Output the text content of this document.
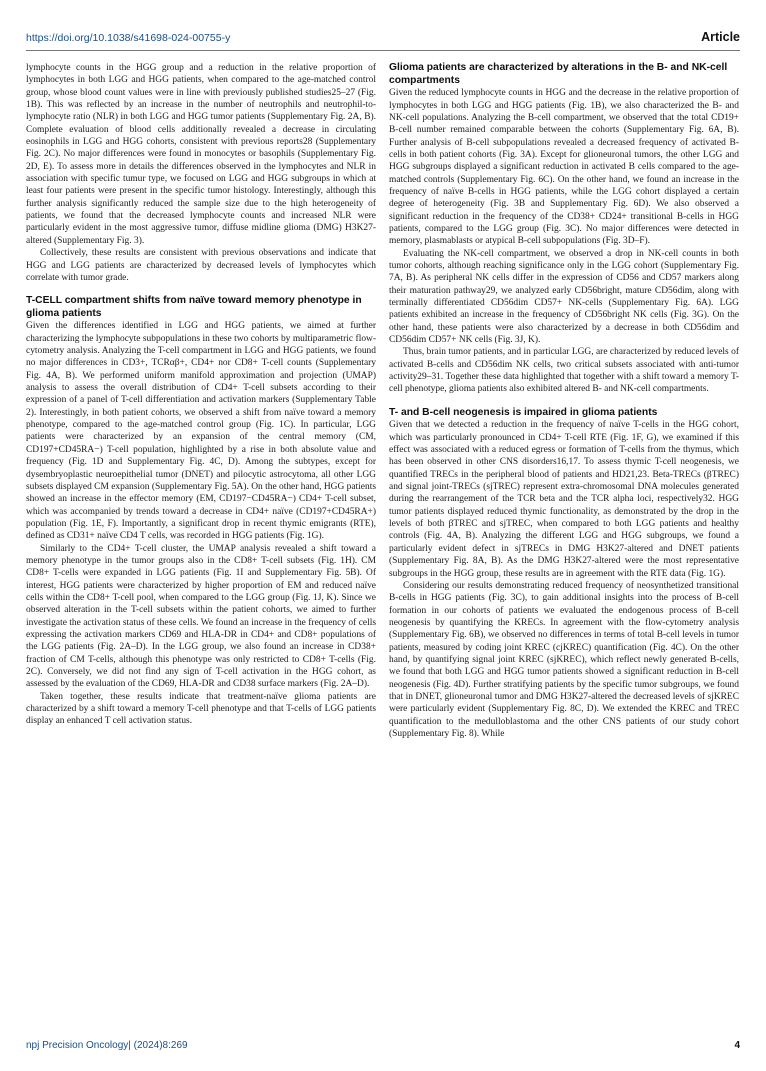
https://doi.org/10.1038/s41698-024-00755-y	Article

lymphocyte counts in the HGG group and a reduction in the relative proportion of lymphocytes in both LGG and HGG patients, when compared to the age-matched control group, whose blood count values were in line with previously published studies25–27 (Fig. 1B). This was reflected by an increase in the number of neutrophils and neutrophil-to-lymphocyte ratio (NLR) in both LGG and HGG tumor patients (Supplementary Fig. 2A, B). Complete evaluation of blood cells additionally revealed a decrease in circulating eosinophils in LGG and HGG cohorts, consistent with previous reports28 (Supplementary Fig. 2C). No major differences were found in monocytes or basophils (Supplementary Fig. 2D, E). To assess more in details the differences observed in the lymphocytes and NLR in association with specific tumur type, we focused on LGG and HGG subgroups in which at least four patients were present in the specific tumor histology. Interestingly, although this further analysis significantly reduced the sample size due to the high heterogeneity of patients, we found that the decreased lymphocyte counts and increased NLR were particularly evident in the most aggressive tumor, diffuse midline glioma (DMG) H3K27-altered (Supplementary Fig. 3).

Collectively, these results are consistent with previous observations and indicate that HGG and LGG patients are characterized by decreased levels of lymphocytes which correlate with tumor grade.

T-CELL compartment shifts from naïve toward memory phenotype in glioma patients

Given the differences identified in LGG and HGG patients, we aimed at further characterizing the lymphocyte subpopulations in these two cohorts by multiparametric flow-cytometry analysis. Analyzing the T-cell compartment in LGG and HGG patients, we found no major differences in CD3+, TCRαβ+, CD4+ nor CD8+ T-cell counts (Supplementary Fig. 4A, B). We performed uniform manifold approximation and projection (UMAP) analysis to assess the overall distribution of CD4+ T-cell subsets according to their expression of a panel of T-cell differentiation and activation markers (Supplementary Table 2). Interestingly, in both patient cohorts, we observed a shift from naïve toward a memory phenotype, compared to the age-matched control group (Fig. 1C). In particular, LGG patients were characterized by an expansion of the central memory (CM, CD197+CD45RA−) T-cell population, highlighted by a rise in both absolute value and frequency (Fig. 1D and Supplementary Fig. 4C, D). Among the subtypes, except for dysembryoplastic neuroepithelial tumor (DNET) and pilocytic astrocytoma, all other LGG subsets displayed CM expansion (Supplementary Fig. 5A). On the other hand, HGG patients showed an increase in the effector memory (EM, CD197−CD45RA−) CD4+ T-cell subset, which was accompanied by trends toward a decrease in CD4+ naïve (CD197+CD45RA+) population (Fig. 1E, F). Importantly, a significant drop in recent thymic emigrants (RTE), defined as CD31+ naïve CD4 T cells, was recorded in HGG patients (Fig. 1G).

Similarly to the CD4+ T-cell cluster, the UMAP analysis revealed a shift toward a memory phenotype in the tumor groups also in the CD8+ T-cell subsets (Fig. 1H). CM CD8+ T-cells were expanded in LGG patients (Fig. 1I and Supplementary Fig. 5B). Of interest, HGG patients were characterized by higher proportion of EM and reduced naïve cells within the CD8+ T-cell pool, when compared to the LGG group (Fig. 1J, K). Since we observed alteration in the T-cell subsets within the patient cohorts, we aimed to further investigate the activation status of these cells. We found an increase in the frequency of cells expressing the activation markers CD69 and HLA-DR in CD4+ and CD8+ populations of the LGG patients (Fig. 2A–D). In the LGG group, we also found an increase in CD38+ fraction of CM T-cells, although this phenotype was only restricted to CD8+ T-cells (Fig. 2C). Conversely, we did not find any sign of T-cell activation in the HGG cohort, as assessed by the evaluation of the CD69, HLA-DR and CD38 surface markers (Fig. 2A–D).

Taken together, these results indicate that treatment-naïve glioma patients are characterized by a shift toward a memory T-cell phenotype and that T-cells of LGG patients display an enhanced T cell activation status.

Glioma patients are characterized by alterations in the B- and NK-cell compartments

Given the reduced lymphocyte counts in HGG and the decrease in the relative proportion of lymphocytes in both LGG and HGG patients (Fig. 1B), we also characterized the B- and NK-cell populations. Analyzing the B-cell compartment, we observed that the total CD19+ B-cell number remained comparable between the cohorts (Supplementary Fig. 6A, B). Further analysis of B-cell subpopulations revealed a decreased frequency of activated B-cells in both patient cohorts (Fig. 3A). Except for glioneuronal tumors, the other LGG and HGG subgroups displayed a significant reduction in activated B cells compared to the age-matched controls (Supplementary Fig. 6C). On the other hand, we found an increase in the frequency of naïve B-cells in HGG patients, while the LGG cohort displayed a certain degree of heterogeneity (Fig. 3B and Supplementary Fig. 6D). We also observed a significant reduction in the frequency of the CD38+ CD24+ transitional B-cells in HGG patients, compared to the LGG group (Fig. 3C). No major differences were detected in memory, plasmablasts or atypical B-cell subpopulations (Fig. 3D–F).

Evaluating the NK-cell compartment, we observed a drop in NK-cell counts in both tumor cohorts, although reaching significance only in the LGG cohort (Supplementary Fig. 7A, B). As peripheral NK cells differ in the expression of CD56 and CD57 markers along their maturation pathway29, we analyzed early CD56bright, mature CD56dim, along with terminally differentiated CD56dim CD57+ NK-cells (Supplementary Fig. 6A). LGG patients exhibited an increase in the frequency of CD56bright NK cells (Fig. 3G). On the other hand, these patients were also characterized by a decrease in both CD56dim and CD56dim CD57+ NK cells (Fig. 3J, K).

Thus, brain tumor patients, and in particular LGG, are characterized by reduced levels of activated B-cells and CD56dim NK cells, two critical subsets associated with anti-tumor activity29–31. Together these data highlighted that together with a shift toward a memory T-cell phenotype, glioma patients also exhibited altered B- and NK-cell compartments.

T- and B-cell neogenesis is impaired in glioma patients

Given that we detected a reduction in the frequency of naïve T-cells in the HGG cohort, which was particularly pronounced in CD4+ T-cell RTE (Fig. 1F, G), we examined if this effect was associated with a reduced egress or formation of T-cells from the thymus, which has been observed in other CNS disorders16,17. To assess thymic T-cell neogenesis, we quantified TRECs in the peripheral blood of patients and HD21,23. Beta-TRECs (βTREC) and signal joint-TRECs (sjTREC) represent extra-chromosomal DNA molecules generated during the rearrangement of the TCR beta and the TCR alpha loci, respectively32. HGG tumor patients displayed reduced thymic functionality, as demonstrated by the drop in the levels of both βTREC and sjTREC, when compared to both LGG patients and healthy controls (Fig. 4A, B). Analyzing the different LGG and HGG subgroups, we found a particularly evident defect in sjTRECs in DMG H3K27-altered and DNET patients (Supplementary Fig. 8A, B). As the DMG H3K27-altered were the most representative subgroups in the HGG group, these results are in agreement with the RTE data (Fig. 1G).

Considering our results demonstrating reduced frequency of neosynthetized transitional B-cells in HGG patients (Fig. 3C), to gain additional insights into the process of B-cell formation in our cohorts of patients we evaluated the endogenous process of B-cell neogenesis by quantifying the KRECs. In agreement with the flow-cytometry analysis (Supplementary Fig. 6B), we observed no differences in terms of total B-cell levels in tumor patients, measured by coding joint KREC (cjKREC) quantification (Fig. 4C). On the other hand, by quantifying signal joint KREC (sjKREC), which reflect newly generated B-cells, we found that both LGG and HGG tumor patients showed a significant reduction in B-cell neogenesis (Fig. 4D). Further stratifying patients by the specific tumor subgroups, we found that in DNET, glioneuronal tumor and DMG H3K27-altered the decreased levels of sjKREC were particularly evident (Supplementary Fig. 8C, D). We extended the KREC and TREC quantification to the medulloblastoma and the other CNS patients of our study cohort (Supplementary Fig. 8). While

npj Precision Oncology| (2024)8:269	4
